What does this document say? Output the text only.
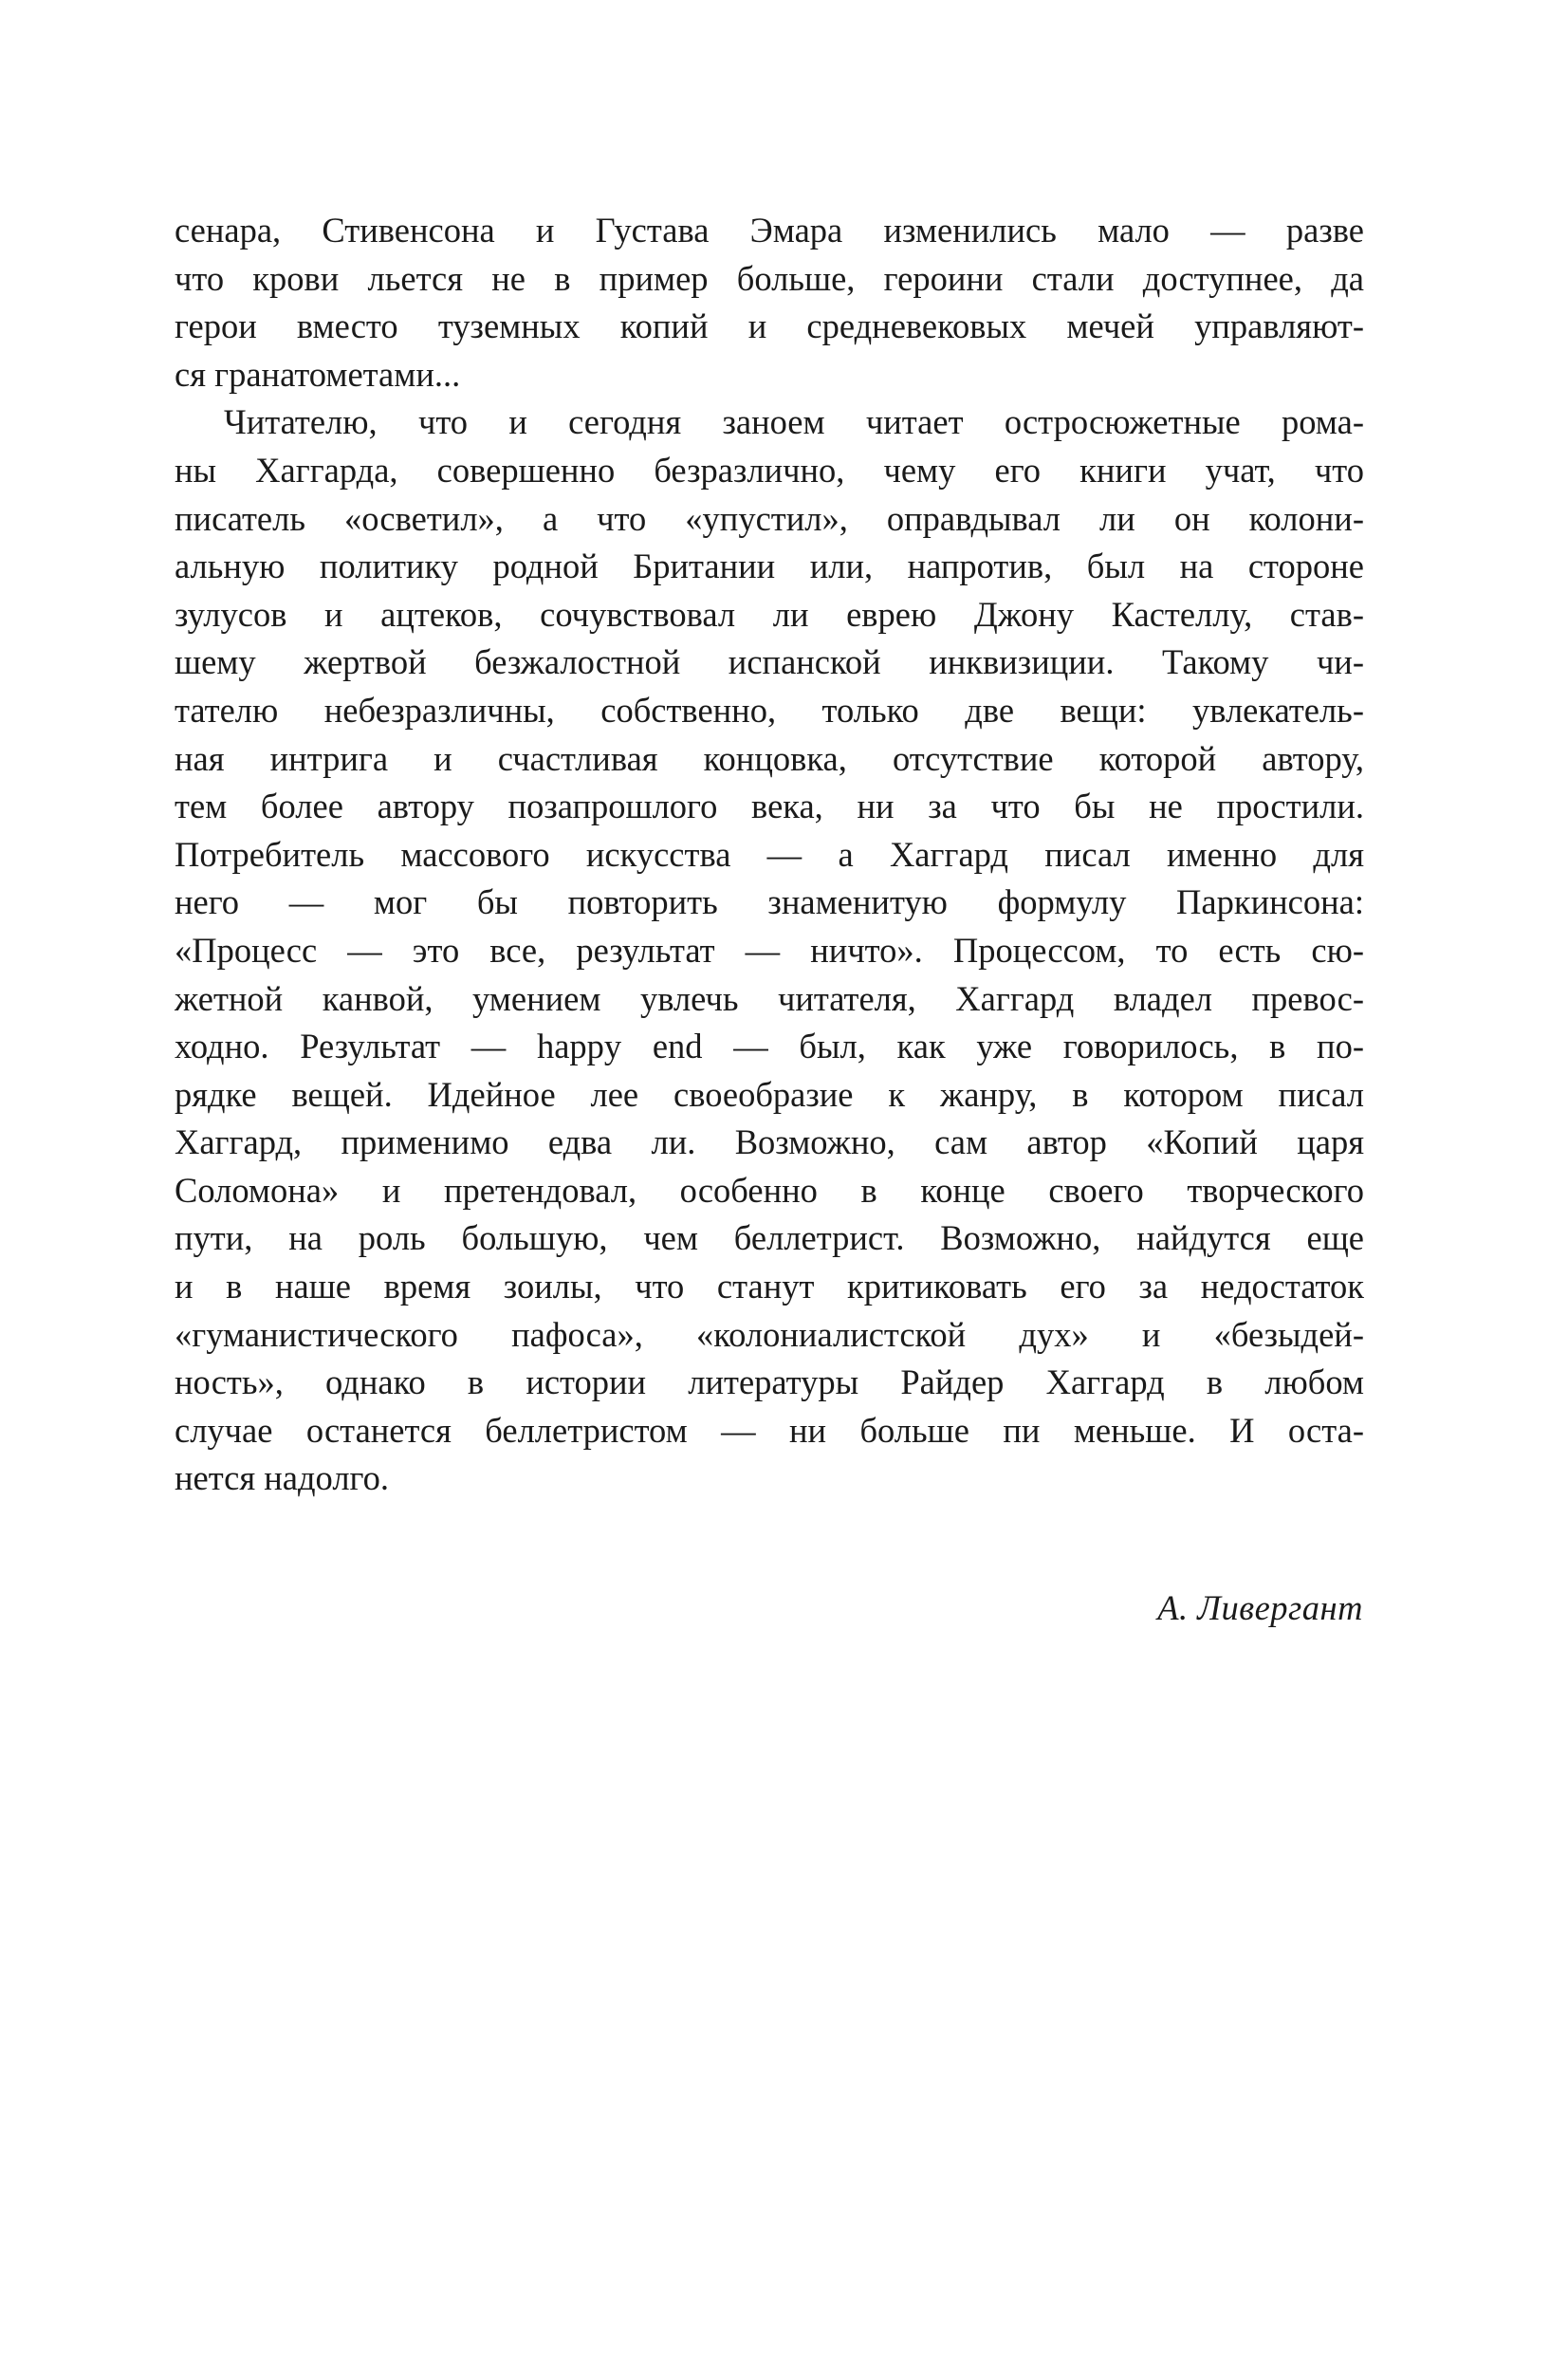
сенара, Стивенсона и Густава Эмара изменились мало — разве
что крови льется не в пример больше, героини стали доступнее, да
герои вместо туземных копий и средневековых мечей управляют-
ся гранатометами...
Читателю, что и сегодня заноем читает остросюжетные рома-
ны Хаггарда, совершенно безразлично, чему его книги учат, что
писатель «осветил», а что «упустил», оправдывал ли он колони-
альную политику родной Британии или, напротив, был на стороне
зулусов и ацтеков, сочувствовал ли еврею Джону Кастеллу, став-
шему жертвой безжалостной испанской инквизиции. Такому чи-
тателю небезразличны, собственно, только две вещи: увлекатель-
ная интрига и счастливая концовка, отсутствие которой автору,
тем более автору позапрошлого века, ни за что бы не простили.
Потребитель массового искусства — а Хаггард писал именно для
него — мог бы повторить знаменитую формулу Паркинсона:
«Процесс — это все, результат — ничто». Процессом, то есть сю-
жетной канвой, умением увлечь читателя, Хаггард владел превос-
ходно. Результат — happy end — был, как уже говорилось, в по-
рядке вещей. Идейное лее своеобразие к жанру, в котором писал
Хаггард, применимо едва ли. Возможно, сам автор «Копий царя
Соломона» и претендовал, особенно в конце своего творческого
пути, на роль большую, чем беллетрист. Возможно, найдутся еще
и в наше время зоилы, что станут критиковать его за недостаток
«гуманистического пафоса», «колониалистской дух» и «безыдей-
ность», однако в истории литературы Райдер Хаггард в любом
случае останется беллетристом — ни больше пи меньше. И оста-
нется надолго.
А. Ливергант
